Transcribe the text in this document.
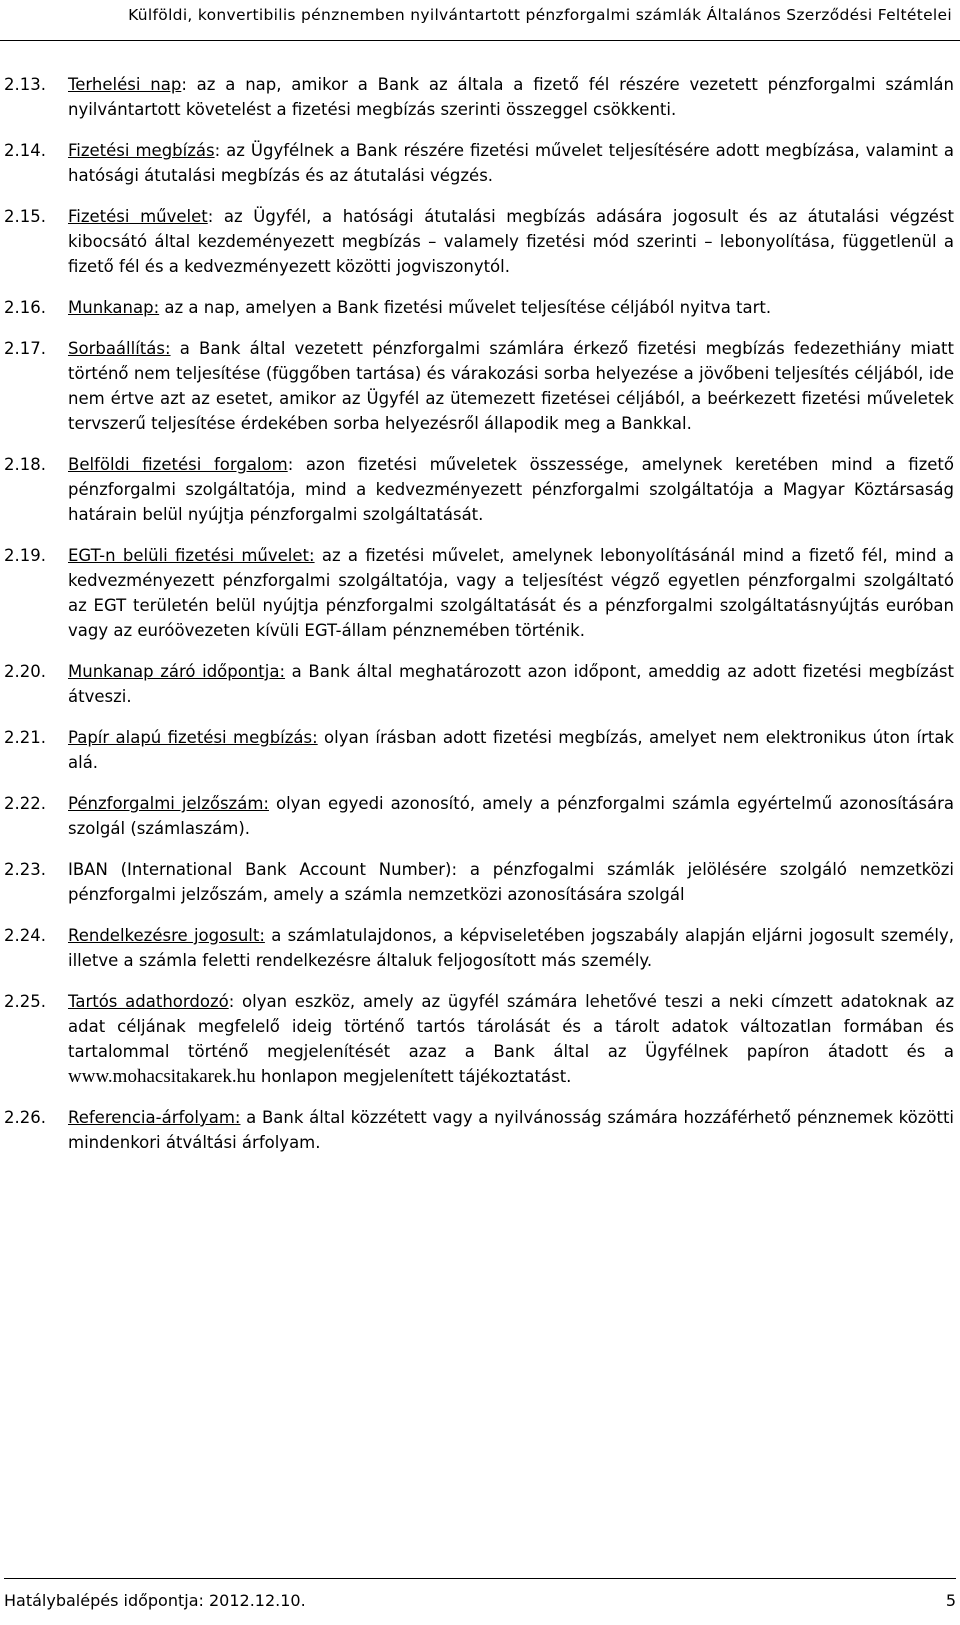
Külföldi, konvertibilis pénznemben nyilvántartott pénzforgalmi számlák Általános Szerződési Feltételei
2.13.	Terhelési nap: az a nap, amikor a Bank az általa a fizető fél részére vezetett pénzforgalmi számlán nyilvántartott követelést a fizetési megbízás szerinti összeggel csökkenti.
2.14.	Fizetési megbízás: az Ügyfélnek a Bank részére fizetési művelet teljesítésére adott megbízása, valamint a hatósági átutalási megbízás és az átutalási végzés.
2.15.	Fizetési művelet: az Ügyfél, a hatósági átutalási megbízás adására jogosult és az átutalási végzést kibocsátó által kezdeményezett megbízás – valamely fizetési mód szerinti – lebonyolítása, függetlenül a fizető fél és a kedvezményezett közötti jogviszonytól.
2.16.	Munkanap: az a nap, amelyen a Bank fizetési művelet teljesítése céljából nyitva tart.
2.17.	Sorbaállítás: a Bank által vezetett pénzforgalmi számlára érkező fizetési megbízás fedezethiány miatt történő nem teljesítése (függőben tartása) és várakozási sorba helyezése a jövőbeni teljesítés céljából, ide nem értve azt az esetet, amikor az Ügyfél az ütemezett fizetései céljából, a beérkezett fizetési műveletek tervszerű teljesítése érdekében sorba helyezésről állapodik meg a Bankkal.
2.18.	Belföldi fizetési forgalom: azon fizetési műveletek összessége, amelynek keretében mind a fizető pénzforgalmi szolgáltatója, mind a kedvezményezett pénzforgalmi szolgáltatója a Magyar Köztársaság határain belül nyújtja pénzforgalmi szolgáltatását.
2.19.	EGT-n belüli fizetési művelet: az a fizetési művelet, amelynek lebonyolításánál mind a fizető fél, mind a kedvezményezett pénzforgalmi szolgáltatója, vagy a teljesítést végző egyetlen pénzforgalmi szolgáltató az EGT területén belül nyújtja pénzforgalmi szolgáltatását és a pénzforgalmi szolgáltatásnyújtás euróban vagy az euróövezeten kívüli EGT-állam pénznemében történik.
2.20.	Munkanap záró időpontja: a Bank által meghatározott azon időpont, ameddig az adott fizetési megbízást átveszi.
2.21.	Papír alapú fizetési megbízás: olyan írásban adott fizetési megbízás, amelyet nem elektronikus úton írtak alá.
2.22.	Pénzforgalmi jelzőszám: olyan egyedi azonosító, amely a pénzforgalmi számla egyértelmű azonosítására szolgál (számlaszám).
2.23.	IBAN (International Bank Account Number): a pénzfogalmi számlák jelölésére szolgáló nemzetközi pénzforgalmi jelzőszám, amely a számla nemzetközi azonosítására szolgál
2.24.	Rendelkezésre jogosult: a számlatulajdonos, a képviseletében jogszabály alapján eljárni jogosult személy, illetve a számla feletti rendelkezésre általuk feljogosított más személy.
2.25.	Tartós adathordozó: olyan eszköz, amely az ügyfél számára lehetővé teszi a neki címzett adatoknak az adat céljának megfelelő ideig történő tartós tárolását és a tárolt adatok változatlan formában és tartalommal történő megjelenítését azaz a Bank által az Ügyfélnek papíron átadott és a www.mohacsitakarek.hu honlapon megjelenített tájékoztatást.
2.26.	Referencia-árfolyam: a Bank által közzétett vagy a nyilvánosság számára hozzáférhető pénznemek közötti mindenkori átváltási árfolyam.
Hatálybalépés időpontja: 2012.12.10.	5
